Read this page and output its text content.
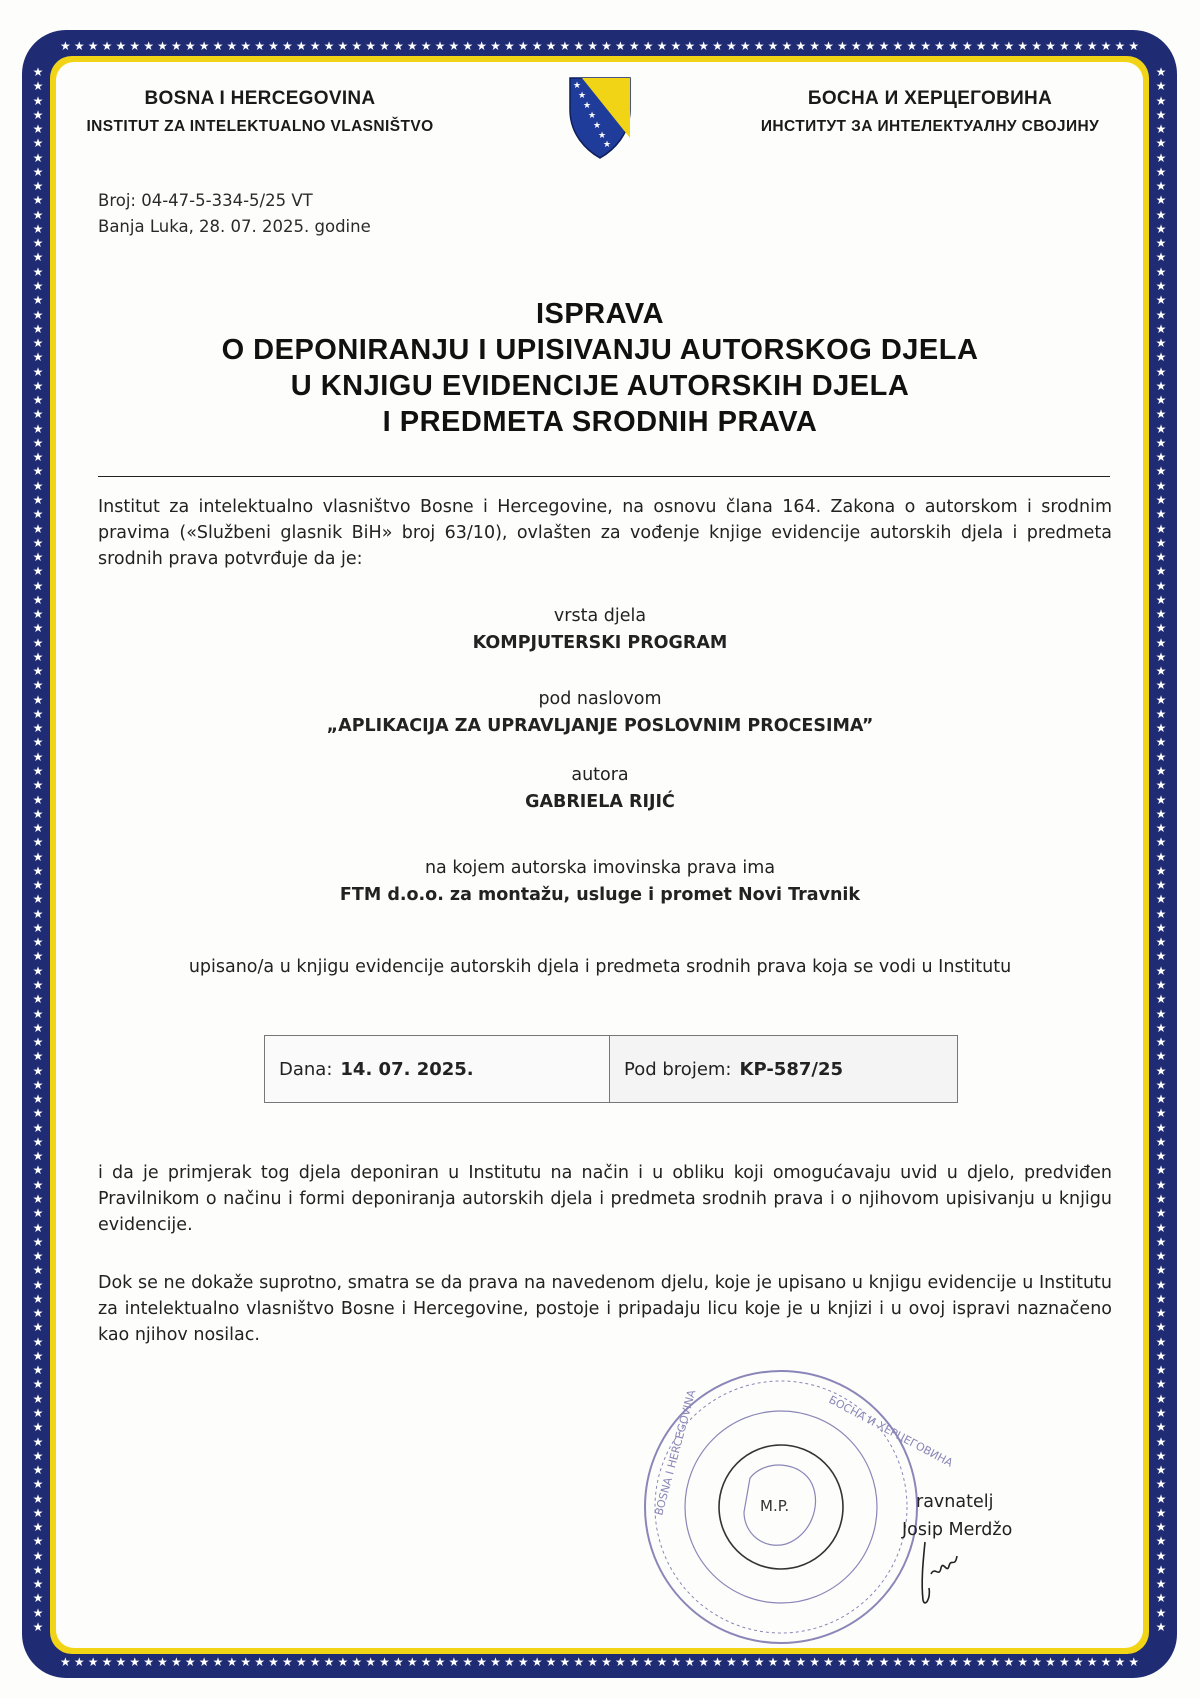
★ ★ ★ ★ ★ ★ ★ ★ ★ ★ ★ ★ ★ ★ ★ ★ ★ ★ ★ ★ ★ ★ ★ ★ ★ ★ ★ ★ ★ ★ ★ ★ ★ ★ ★ ★ ★ ★ ★ ★ ★ ★ ★ ★ ★ ★ ★ ★ ★ ★ ★ ★ ★ ★ ★ ★ ★ ★ ★ ★ ★ ★ ★ ★ ★ ★ ★ ★ ★ ★ ★ ★ ★ ★ ★ ★ ★ ★
★ ★ ★ ★ ★ ★ ★ ★ ★ ★ ★ ★ ★ ★ ★ ★ ★ ★ ★ ★ ★ ★ ★ ★ ★ ★ ★ ★ ★ ★ ★ ★ ★ ★ ★ ★ ★ ★ ★ ★ ★ ★ ★ ★ ★ ★ ★ ★ ★ ★ ★ ★ ★ ★ ★ ★ ★ ★ ★ ★ ★ ★ ★ ★ ★ ★ ★ ★ ★ ★ ★ ★ ★ ★ ★ ★ ★ ★
★
★
★
★
★
★
★
★
★
★
★
★
★
★
★
★
★
★
★
★
★
★
★
★
★
★
★
★
★
★
★
★
★
★
★
★
★
★
★
★
★
★
★
★
★
★
★
★
★
★
★
★
★
★
★
★
★
★
★
★
★
★
★
★
★
★
★
★
★
★
★
★
★
★
★
★
★
★
★
★
★
★
★
★
★
★
★
★
★
★
★
★
★
★
★
★
★
★
★
★
★
★
★
★
★
★
★
★
★
★
★
★
★
★
★
★
★
★
★
★
★
★
★
★
★
★
★
★
★
★
★
★
★
★
★
★
★
★
★
★
★
★
★
★
★
★
★
★
★
★
★
★
★
★
★
★
★
★
★
★
★
★
★
★
★
★
★
★
★
★
★
★
★
★
★
★
★
★
★
★
★
★
★
★
★
★
★
★
★
★
★
★
★
★
★
★
★
★
★
★
★
★
★
★
★
★
★
★
★
★
★
★
★
★
★
★
★
★
★
★
BOSNA I HERCEGOVINA
INSTITUT ZA INTELEKTUALNO VLASNIŠTVO
★
★
★
★
★
★
★
БОСНА И ХЕРЦЕГОВИНА
ИНСТИТУТ ЗА ИНТЕЛЕКТУАЛНУ СВОЈИНУ
Broj: 04-47-5-334-5/25 VT
Banja Luka, 28. 07. 2025. godine
ISPRAVA
O DEPONIRANJU I UPISIVANJU AUTORSKOG DJELA
U KNJIGU EVIDENCIJE AUTORSKIH DJELA
I PREDMETA SRODNIH PRAVA
Institut za intelektualno vlasništvo Bosne i Hercegovine, na osnovu člana 164. Zakona o autorskom i srodnim pravima («Službeni glasnik BiH» broj 63/10), ovlašten za vođenje knjige evidencije autorskih djela i predmeta srodnih prava potvrđuje da je:
vrsta djela
KOMPJUTERSKI PROGRAM
pod naslovom
„APLIKACIJA ZA UPRAVLJANJE POSLOVNIM PROCESIMA”
autora
GABRIELA RIJIĆ
na kojem autorska imovinska prava ima
FTM d.o.o. za montažu, usluge i promet Novi Travnik
upisano/a u knjigu evidencije autorskih djela i predmeta srodnih prava koja se vodi u Institutu
Dana: 14. 07. 2025.	Pod brojem: KP-587/25
i da je primjerak tog djela deponiran u Institutu na način i u obliku koji omogućavaju uvid u djelo, predviđen Pravilnikom o načinu i formi deponiranja autorskih djela i predmeta srodnih prava i o njihovom upisivanju u knjigu evidencije.
Dok se ne dokaže suprotno, smatra se da prava na navedenom djelu, koje je upisano u knjigu evidencije u Institutu za intelektualno vlasništvo Bosne i Hercegovine, postoje i pripadaju licu koje je u knjizi i u ovoj ispravi naznačeno kao njihov nosilac.
BOSNA I HERCEGOVINA	БОСНА И ХЕРЦЕГОВИНА
M.P.	ravnatelj
Josip Merdžo
